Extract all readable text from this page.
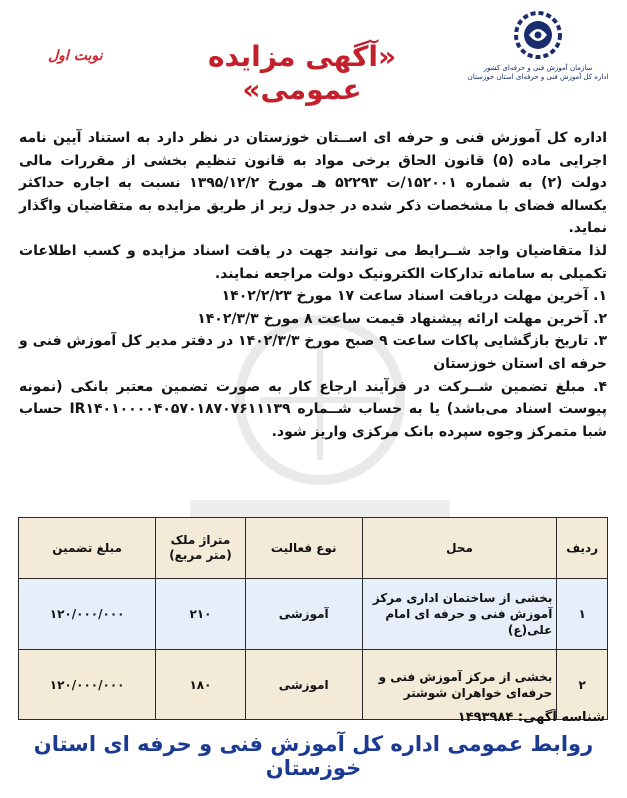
سازمان آموزش فنی و حرفه‌ای کشور
اداره کل آموزش فنی و حرفه‌ای استان خوزستان
«آگهی مزایده عمومی»
نوبت اول

اداره کل آموزش فنی و حرفه ای اســتان خوزستان در نظر دارد به استناد آیین نامه اجرایی ماده (۵) قانون الحاق برخی مواد به قانون تنظیم بخشی از مقررات مالی دولت (۲) به شماره ۱۵۲۰۰۱/ت ۵۲۲۹۳ هـ مورخ ۱۳۹۵/۱۲/۲ نسبت به اجاره حداکثر یکساله فضای با مشخصات ذکر شده در جدول زیر از طریق مزایده به متقاضیان واگذار نماید.

لذا متقاضیان واجد شــرایط می توانند جهت در یافت اسناد مزایده و کسب اطلاعات تکمیلی به سامانه تدارکات الکترونیک دولت مراجعه نمایند.

۱. آخرین مهلت دریافت اسناد ساعت ۱۷ مورخ ۱۴۰۲/۲/۲۳
۲. آخرین مهلت ارائه پیشنهاد قیمت ساعت ۸ مورخ ۱۴۰۲/۳/۳
۳. تاریخ بازگشایی پاکات ساعت ۹ صبح مورخ ۱۴۰۲/۳/۳ در دفتر مدیر کل آموزش فنی و حرفه ای استان خوزستان
۴. مبلغ تضمین شــرکت در فرآیند ارجاع کار به صورت تضمین معتبر بانکی (نمونه پیوست اسناد می‌باشد) یا به حساب شــماره IR۱۴۰۱۰۰۰۰۴۰۵۷۰۱۸۷۰۷۶۱۱۱۳۹ حساب شبا متمرکز وجوه سپرده بانک مرکزی واریز شود.
ردیف	محل	نوع فعالیت	متراژ ملک (متر مربع)	مبلغ تضمین
۱	بخشی از ساختمان اداری مرکز آموزش فنی و حرفه ای امام علی(ع)	آموزشی	۲۱۰	۱۲۰/۰۰۰/۰۰۰
۲	بخشی از مرکز آموزش فنی و حرفه‌ای خواهران شوشتر	اموزشی	۱۸۰	۱۲۰/۰۰۰/۰۰۰
شناسه آگهی: ۱۴۹۳۹۸۴
روابط عمومی اداره کل آموزش فنی و حرفه ای استان خوزستان
